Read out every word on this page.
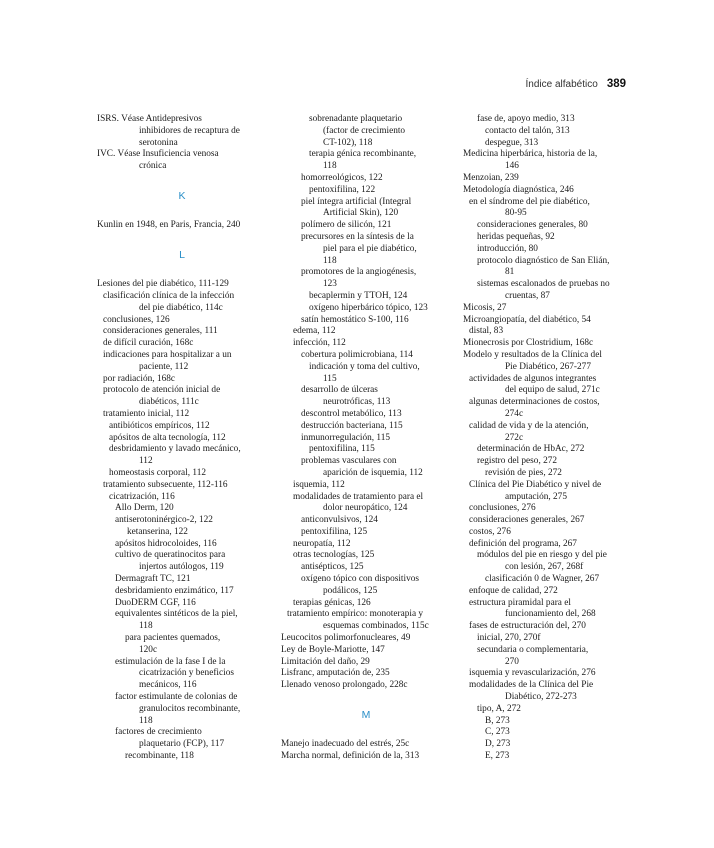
Índice alfabético 389
ISRS. Véase Antidepresivos
inhibidores de recaptura de
serotonina
IVC. Véase Insuficiencia venosa
crónica
K
Kunlin en 1948, en Paris, Francia, 240
L
Lesiones del pie diabético, 111-129
clasificación clínica de la infección
del pie diabético, 114c
conclusiones, 126
consideraciones generales, 111
de difícil curación, 168c
indicaciones para hospitalizar a un
paciente, 112
por radiación, 168c
protocolo de atención inicial de
diabéticos, 111c
tratamiento inicial, 112
antibióticos empíricos, 112
apósitos de alta tecnología, 112
desbridamiento y lavado mecánico,
112
homeostasis corporal, 112
tratamiento subsecuente, 112-116
cicatrización, 116
Allo Derm, 120
antiserotoninérgico-2, 122
ketanserina, 122
apósitos hidrocoloides, 116
cultivo de queratinocitos para
injertos autólogos, 119
Dermagraft TC, 121
desbridamiento enzimático, 117
DuoDERM CGF, 116
equivalentes sintéticos de la piel,
118
para pacientes quemados,
120c
estimulación de la fase I de la
cicatrización y beneficios
mecánicos, 116
factor estimulante de colonias de
granulocitos recombinante,
118
factores de crecimiento
plaquetario (FCP), 117
recombinante, 118
sobrenadante plaquetario
(factor de crecimiento
CT-102), 118
terapia génica recombinante,
118
homorreológicos, 122
pentoxifilina, 122
piel íntegra artificial (Integral
Artificial Skin), 120
polímero de silicón, 121
precursores en la síntesis de la
piel para el pie diabético,
118
promotores de la angiogénesis,
123
becaplermin y TTOH, 124
oxígeno hiperbárico tópico, 123
satín hemostático S-100, 116
edema, 112
infección, 112
cobertura polimicrobiana, 114
indicación y toma del cultivo,
115
desarrollo de úlceras
neurotróficas, 113
descontrol metabólico, 113
destrucción bacteriana, 115
inmunorregulación, 115
pentoxifilina, 115
problemas vasculares con
aparición de isquemia, 112
isquemia, 112
modalidades de tratamiento para el
dolor neuropático, 124
anticonvulsivos, 124
pentoxifilina, 125
neuropatía, 112
otras tecnologías, 125
antisépticos, 125
oxígeno tópico con dispositivos
podálicos, 125
terapias génicas, 126
tratamiento empírico: monoterapia y
esquemas combinados, 115c
Leucocitos polimorfonucleares, 49
Ley de Boyle-Mariotte, 147
Limitación del daño, 29
Lisfranc, amputación de, 235
Llenado venoso prolongado, 228c
M
Manejo inadecuado del estrés, 25c
Marcha normal, definición de la, 313
fase de, apoyo medio, 313
contacto del talón, 313
despegue, 313
Medicina hiperbárica, historia de la,
146
Menzoian, 239
Metodología diagnóstica, 246
en el síndrome del pie diabético,
80-95
consideraciones generales, 80
heridas pequeñas, 92
introducción, 80
protocolo diagnóstico de San Elián,
81
sistemas escalonados de pruebas no
cruentas, 87
Micosis, 27
Microangiopatía, del diabético, 54
distal, 83
Mionecrosis por Clostridium, 168c
Modelo y resultados de la Clínica del
Pie Diabético, 267-277
actividades de algunos integrantes
del equipo de salud, 271c
algunas determinaciones de costos,
274c
calidad de vida y de la atención,
272c
determinación de HbAc, 272
registro del peso, 272
revisión de pies, 272
Clínica del Pie Diabético y nivel de
amputación, 275
conclusiones, 276
consideraciones generales, 267
costos, 276
definición del programa, 267
módulos del pie en riesgo y del pie
con lesión, 267, 268f
clasificación 0 de Wagner, 267
enfoque de calidad, 272
estructura piramidal para el
funcionamiento del, 268
fases de estructuración del, 270
inicial, 270, 270f
secundaria o complementaria,
270
isquemia y revascularización, 276
modalidades de la Clínica del Pie
Diabético, 272-273
tipo, A, 272
B, 273
C, 273
D, 273
E, 273
